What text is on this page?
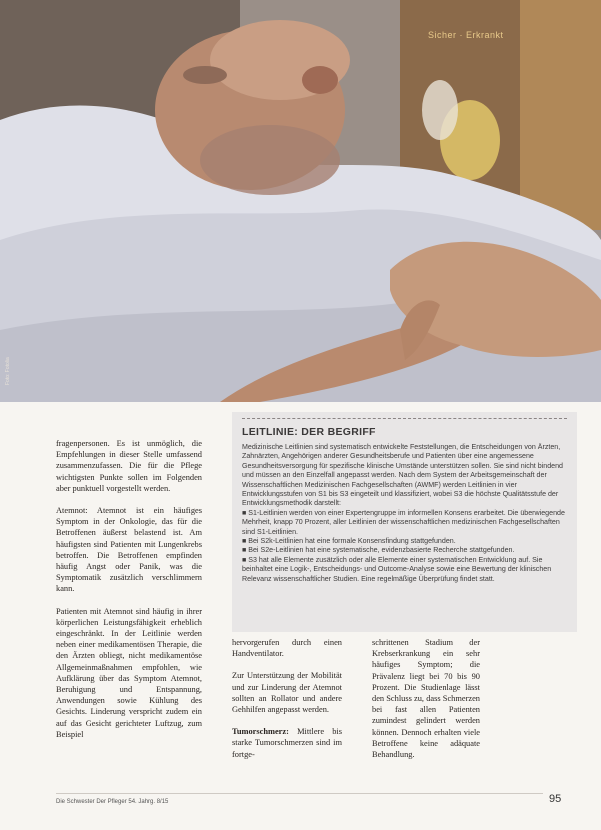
Sicher · Erkrankt
Foto: Fotolia
LEITLINIE: DER BEGRIFF

Medizinische Leitlinien sind systematisch entwickelte Feststellungen, die Entscheidungen von Ärzten, Zahnärzten, Angehörigen anderer Gesundheitsberufe und Patienten über eine angemessene Gesundheitsversorgung für spezifische klinische Umstände unterstützen sollen. Sie sind nicht bindend und müssen an den Einzelfall angepasst werden. Nach dem System der Arbeitsgemeinschaft der Wissenschaftlichen Medizinischen Fachgesellschaften (AWMF) werden Leitlinien in vier Entwicklungsstufen von S1 bis S3 eingeteilt und klassifiziert, wobei S3 die höchste Qualitätsstufe der Entwicklungsmethodik darstellt:
■ S1-Leitlinien werden von einer Expertengruppe im informellen Konsens erarbeitet. Die überwiegende Mehrheit, knapp 70 Prozent, aller Leitlinien der wissenschaftlichen medizinischen Fachgesellschaften sind S1-Leitlinien.
■ Bei S2k-Leitlinien hat eine formale Konsensfindung stattgefunden.
■ Bei S2e-Leitlinien hat eine systematische, evidenzbasierte Recherche stattgefunden.
■ S3 hat alle Elemente zusätzlich oder alle Elemente einer systematischen Entwicklung auf. Sie beinhaltet eine Logik-, Entscheidungs- und Outcome-Analyse sowie eine Bewertung der klinischen Relevanz wissenschaftlicher Studien. Eine regelmäßige Überprüfung findet statt.

fragenpersonen. Es ist unmöglich, die Empfehlungen in dieser Stelle umfassend zusammenzufassen. Die für die Pflege wichtigsten Punkte sollen im Folgenden aber punktuell vorgestellt werden.

Atemnot: Atemnot ist ein häufiges Symptom in der Onkologie, das für die Betroffenen äußerst belastend ist. Am häufigsten sind Patienten mit Lungenkrebs betroffen. Die Betroffenen empfinden häufig Angst oder Panik, was die Symptomatik zusätzlich verschlimmern kann.

Patienten mit Atemnot sind häufig in ihrer körperlichen Leistungsfähigkeit erheblich eingeschränkt. In der Leitlinie werden neben einer medikamentösen Therapie, die den Ärzten obliegt, nicht medikamentöse Allgemeinmaßnahmen empfohlen, wie Aufklärung über das Symptom Atemnot, Beruhigung und Entspannung, Anwendungen sowie Kühlung des Gesichts. Linderung verspricht zudem ein auf das Gesicht gerichteter Luftzug, zum Beispiel

hervorgerufen durch einen Handventilator.

Zur Unterstützung der Mobilität und zur Linderung der Atemnot sollten an Rollator und andere Gehhilfen angepasst werden.

Tumorschmerz: Mittlere bis starke Tumorschmerzen sind im fortge-

schrittenen Stadium der Krebserkrankung ein sehr häufiges Symptom; die Prävalenz liegt bei 70 bis 90 Prozent. Die Studienlage lässt den Schluss zu, dass Schmerzen bei fast allen Patienten zumindest gelindert werden können. Dennoch erhalten viele Betroffene keine adäquate Behandlung.

Die Schwester Der Pfleger 54. Jahrg. 8/15	95
